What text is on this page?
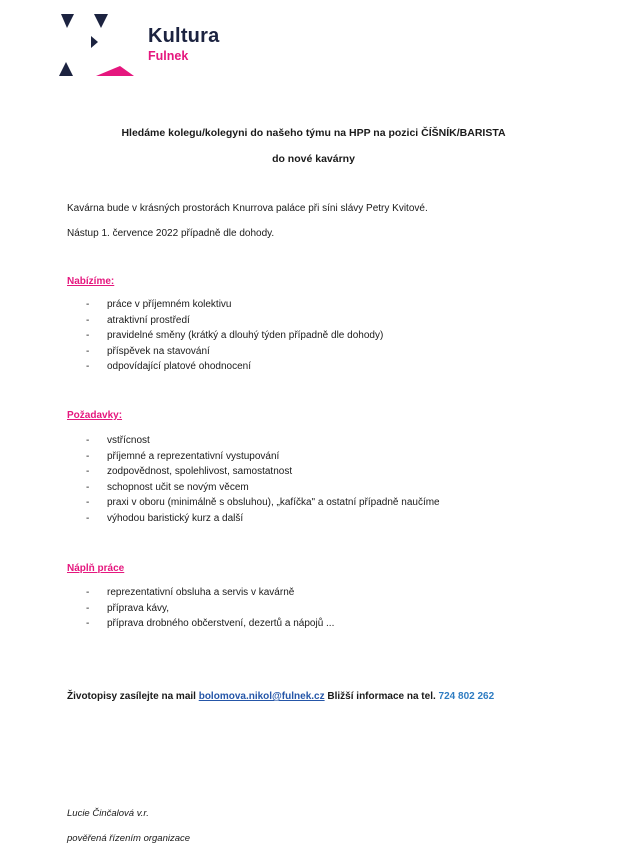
Kultura
Fulnek
Hledáme kolegu/kolegyni do našeho týmu na HPP na pozici ČÍŠNÍK/BARISTA
do nové kavárny
Kavárna bude v krásných prostorách Knurrova paláce při síni slávy Petry Kvitové.
Nástup 1. července 2022 případně dle dohody.
Nabízíme:
- práce v příjemném kolektivu
- atraktivní prostředí
- pravidelné směny (krátký a dlouhý týden případně dle dohody)
- příspěvek na stavování
- odpovídající platové ohodnocení
Požadavky:
- vstřícnost
- příjemné a reprezentativní vystupování
- zodpovědnost, spolehlivost, samostatnost
- schopnost učit se novým věcem
- praxi v oboru (minimálně s obsluhou), „kafíčka" a ostatní případně naučíme
- výhodou baristický kurz a další
Náplň práce
- reprezentativní obsluha a servis v kavárně
- příprava kávy,
- příprava drobného občerstvení, dezertů a nápojů ...
Životopisy zasílejte na mail bolomova.nikol@fulnek.cz Bližší informace na tel. 724 802 262
Lucie Činčalová v.r.
pověřená řízením organizace
